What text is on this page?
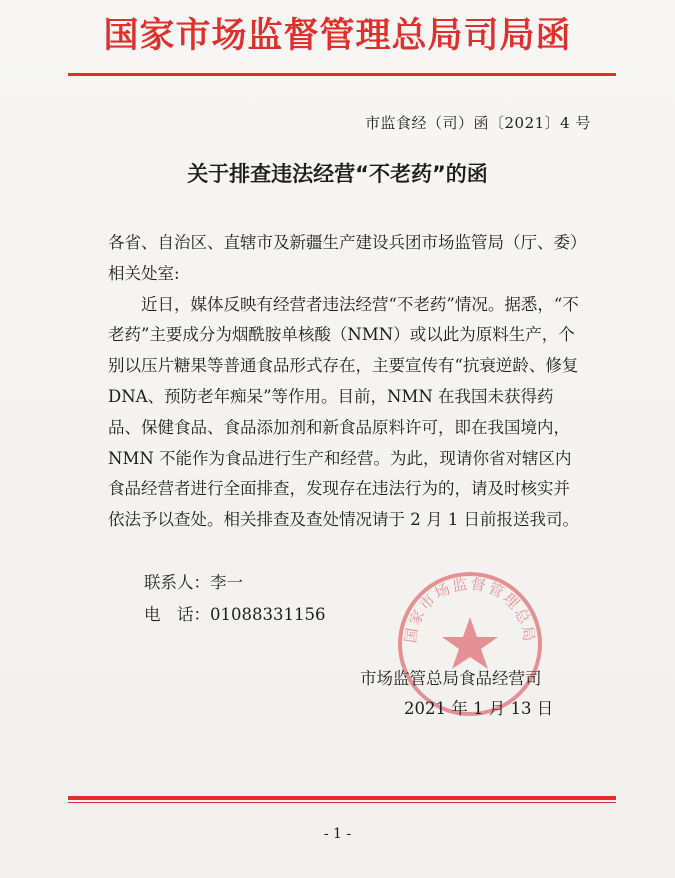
国家市场监督管理总局司局函
市监食经（司）函〔2021〕4 号
关于排查违法经营“不老药”的函

各省、自治区、直辖市及新疆生产建设兵团市场监管局（厅、委）相关处室:

近日，媒体反映有经营者违法经营“不老药”情况。据悉，“不老药”主要成分为烟酰胺单核酸（NMN）或以此为原料生产，个别以压片糖果等普通食品形式存在，主要宣传有“抗衰逆龄、修复DNA、预防老年痴呆”等作用。目前，NMN 在我国未获得药品、保健食品、食品添加剂和新食品原料许可，即在我国境内，NMN 不能作为食品进行生产和经营。为此，现请你省对辖区内食品经营者进行全面排查，发现存在违法行为的，请及时核实并依法予以查处。相关排查及查处情况请于 2 月 1 日前报送我司。

联系人：李一
电　话：01088331156
国家市场监督管理总局
市场监管总局食品经营司
2021 年 1 月 13 日
- 1 -
